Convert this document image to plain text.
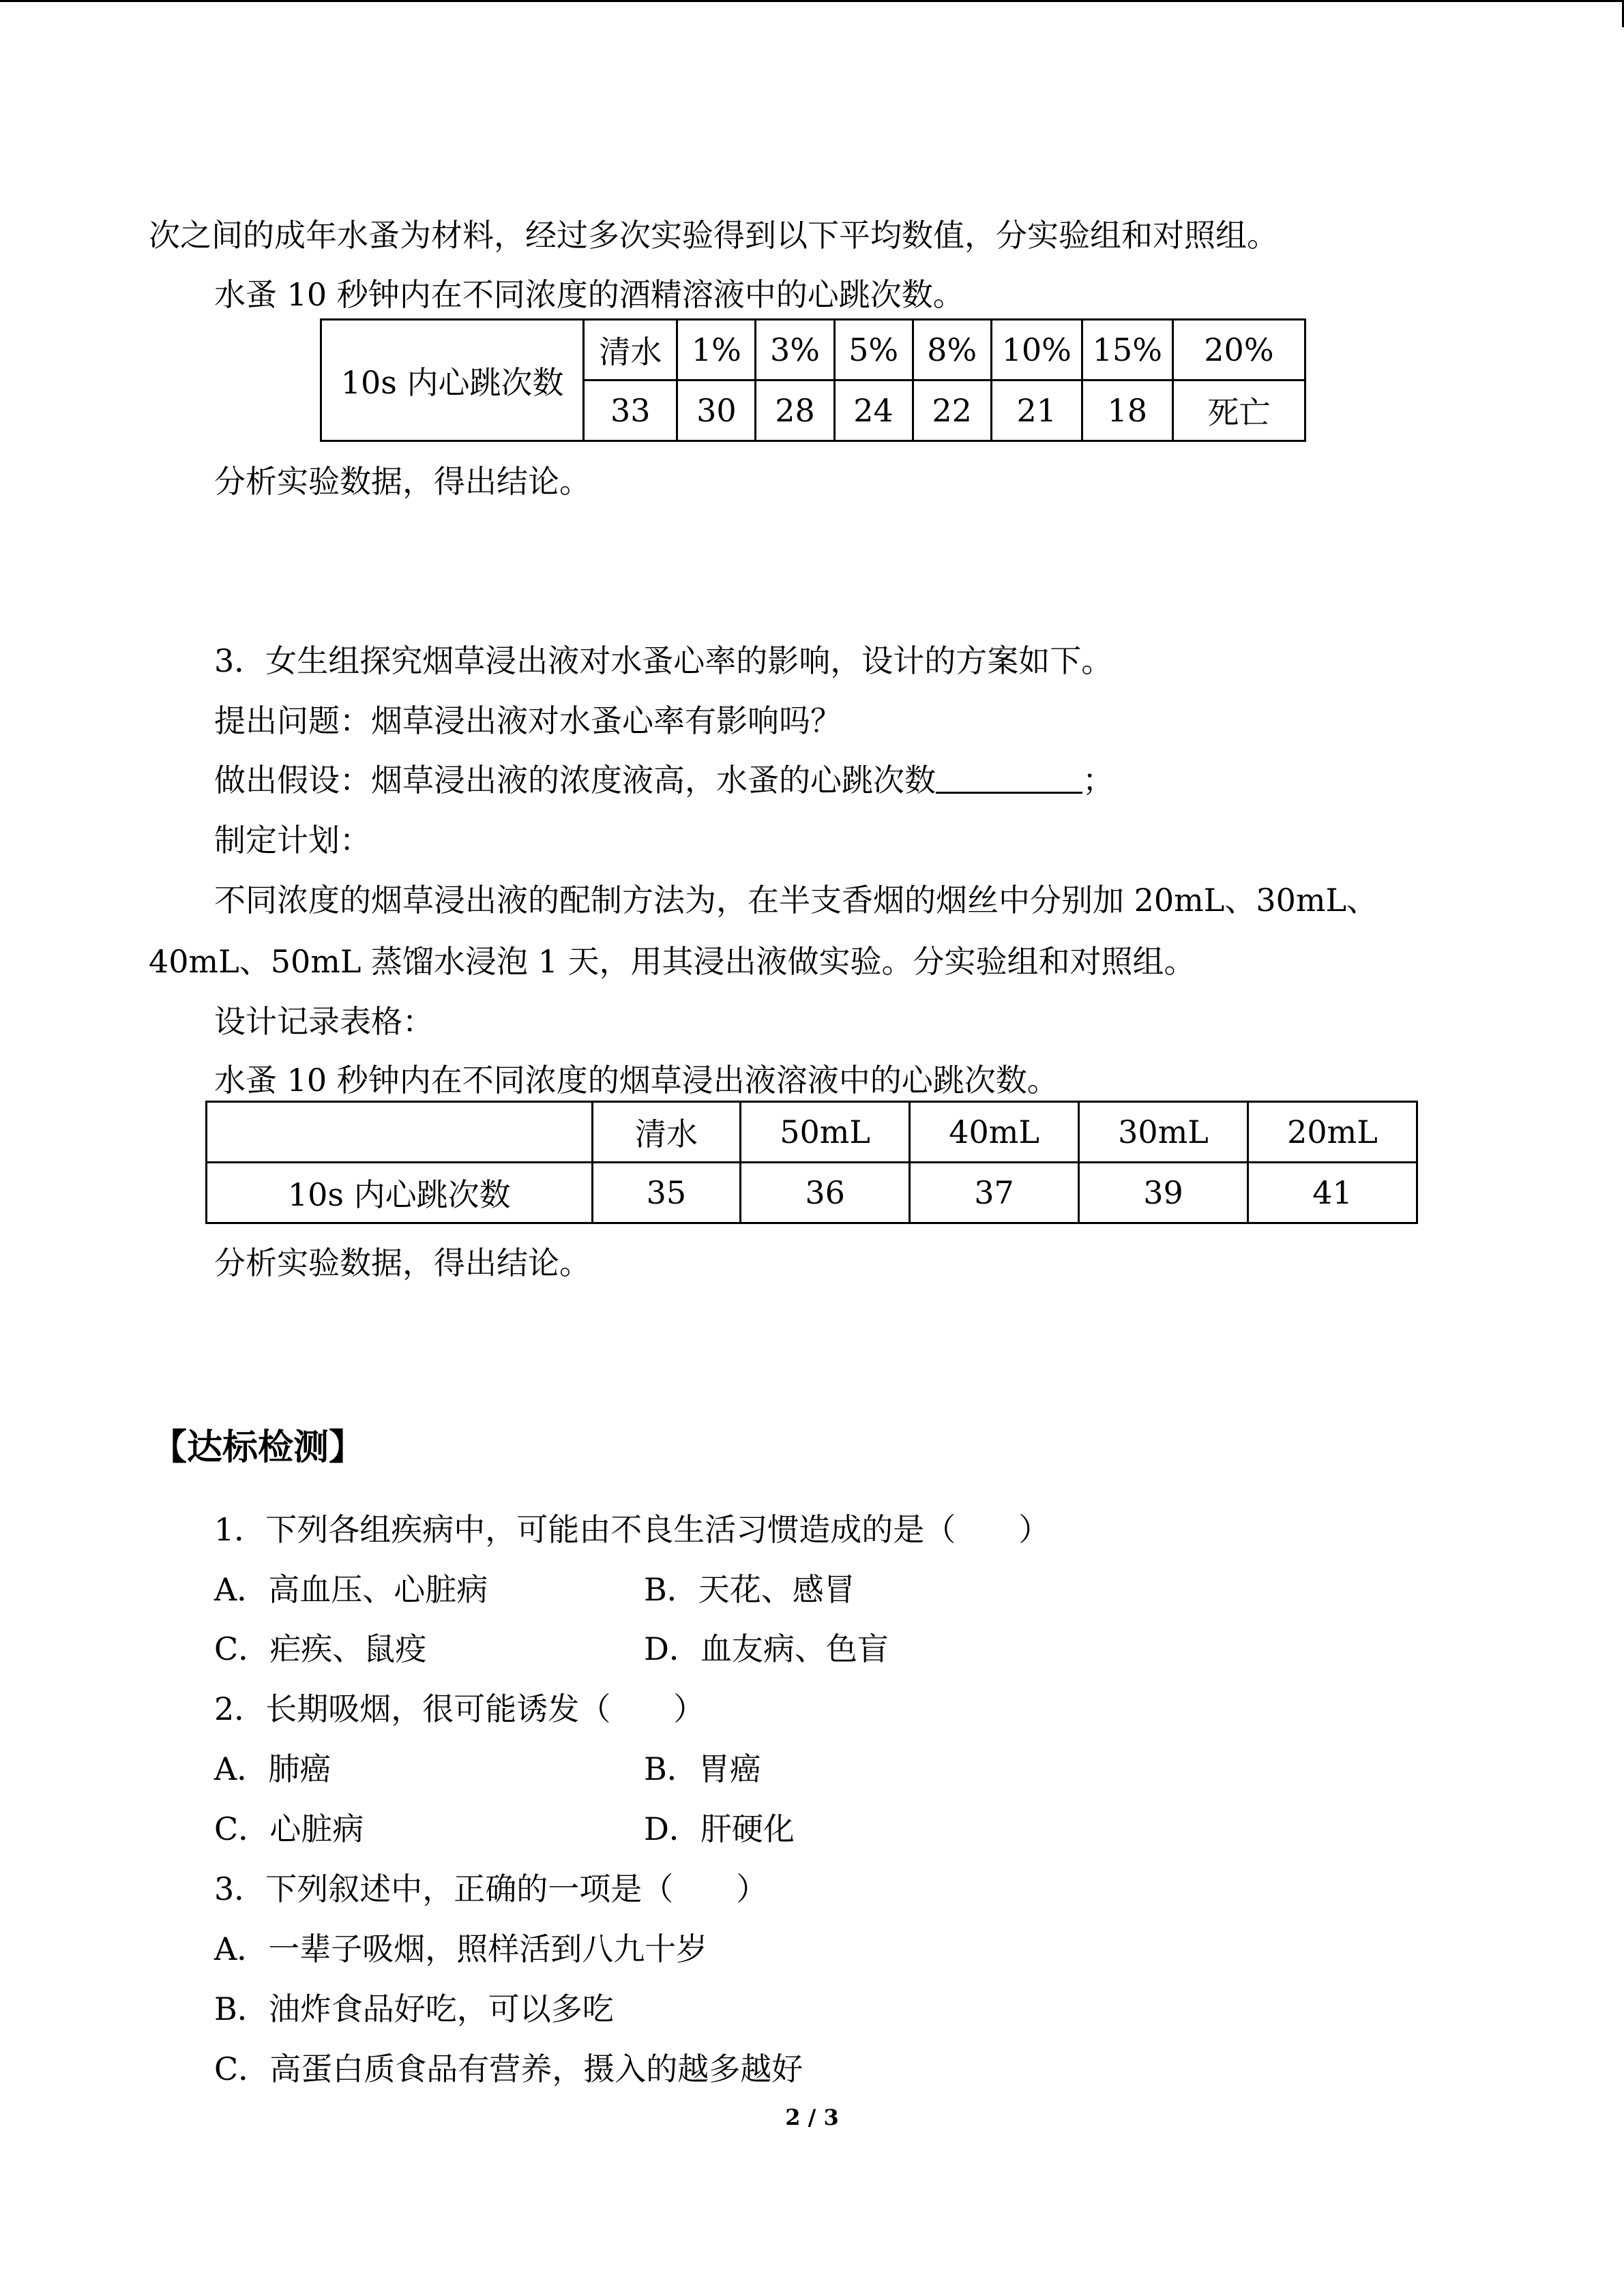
次之间的成年水蚤为材料，经过多次实验得到以下平均数值，分实验组和对照组。
水蚤 10 秒钟内在不同浓度的酒精溶液中的心跳次数。
10s 内心跳次数	清水	1%	3%	5%	8%	10%	15%	20%
	33	30	28	24	22	21	18	死亡
分析实验数据，得出结论。
3．女生组探究烟草浸出液对水蚤心率的影响，设计的方案如下。
提出问题：烟草浸出液对水蚤心率有影响吗？
做出假设：烟草浸出液的浓度液高，水蚤的心跳次数	；
制定计划：
不同浓度的烟草浸出液的配制方法为，在半支香烟的烟丝中分别加 20mL、30mL、
40mL、50mL 蒸馏水浸泡 1 天，用其浸出液做实验。分实验组和对照组。
设计记录表格：
水蚤 10 秒钟内在不同浓度的烟草浸出液溶液中的心跳次数。
	清水	50mL	40mL	30mL	20mL
10s 内心跳次数	35	36	37	39	41
分析实验数据，得出结论。
【达标检测】
1．下列各组疾病中，可能由不良生活习惯造成的是（　　）
A．高血压、心脏病	B．天花、感冒
C．疟疾、鼠疫	D．血友病、色盲
2．长期吸烟，很可能诱发（　　）
A．肺癌	B．胃癌
C．心脏病	D．肝硬化
3．下列叙述中，正确的一项是（　　）
A．一辈子吸烟，照样活到八九十岁
B．油炸食品好吃，可以多吃
C．高蛋白质食品有营养，摄入的越多越好
2 / 3
